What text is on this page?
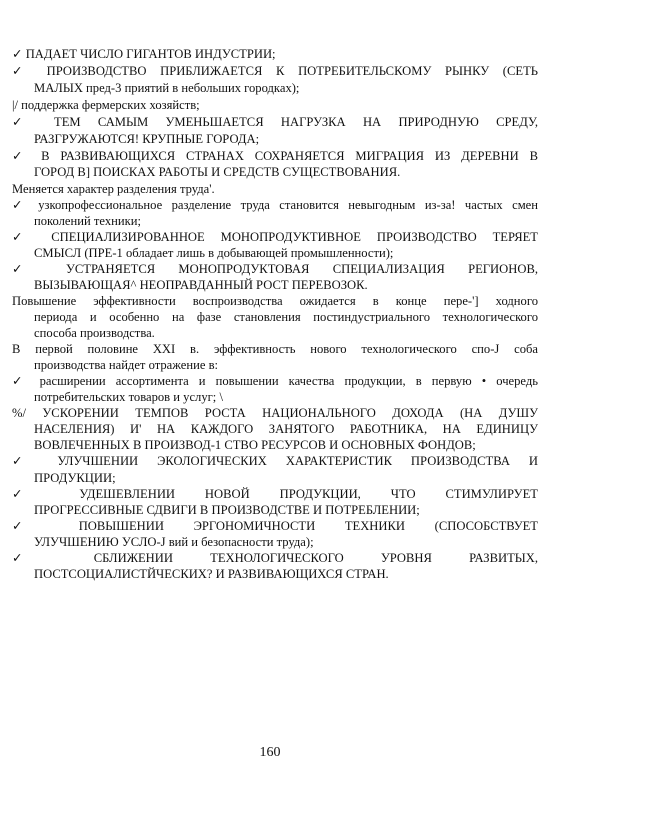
✓ ПАДАЕТ ЧИСЛО ГИГАНТОВ ИНДУСТРИИ;

✓ ПРОИЗВОДСТВО ПРИБЛИЖАЕТСЯ К ПОТРЕБИТЕЛЬСКОМУ РЫНКУ (СЕТЬ

МАЛЫХ пред-3 приятий в небольших городках);

|/ поддержка фермерских хозяйств;

✓ ТЕМ САМЫМ УМЕНЬШАЕТСЯ НАГРУЗКА НА ПРИРОДНУЮ СРЕДУ,

РАЗГРУЖАЮТСЯ! КРУПНЫЕ ГОРОДА;

✓ В РАЗВИВАЮЩИХСЯ СТРАНАХ СОХРАНЯЕТСЯ МИГРАЦИЯ ИЗ ДЕРЕВНИ В

ГОРОД В] ПОИСКАХ РАБОТЫ И СРЕДСТВ СУЩЕСТВОВАНИЯ.

Меняется характер разделения труда'.

✓ узкопрофессиональное разделение труда становится невыгодным из-за! частых смен

поколений техники;

✓ СПЕЦИАЛИЗИРОВАННОЕ МОНОПРОДУКТИВНОЕ ПРОИЗВОДСТВО ТЕРЯЕТ

СМЫСЛ (ПРЕ-1 обладает лишь в добывающей промышленности);

✓ УСТРАНЯЕТСЯ МОНОПРОДУКТОВАЯ СПЕЦИАЛИЗАЦИЯ РЕГИОНОВ,

ВЫЗЫВАЮЩАЯ^ НЕОПРАВДАННЫЙ РОСТ ПЕРЕВОЗОК.

Повышение эффективности воспроизводства ожидается в конце пере-'] ходного

периода и особенно на фазе становления постиндустриального технологического

способа производства.

В первой половине XXI в. эффективность нового технологического спо-J соба

производства найдет отражение в:

✓ расширении ассортимента и повышении качества продукции, в первую • очередь

потребительских товаров и услуг; \

%/ УСКОРЕНИИ ТЕМПОВ РОСТА НАЦИОНАЛЬНОГО ДОХОДА (НА ДУШУ

НАСЕЛЕНИЯ) И' НА КАЖДОГО ЗАНЯТОГО РАБОТНИКА, НА ЕДИНИЦУ

ВОВЛЕЧЕННЫХ В ПРОИЗВОД-1 СТВО РЕСУРСОВ И ОСНОВНЫХ ФОНДОВ;

✓ УЛУЧШЕНИИ ЭКОЛОГИЧЕСКИХ ХАРАКТЕРИСТИК ПРОИЗВОДСТВА И

ПРОДУКЦИИ;

✓ УДЕШЕВЛЕНИИ НОВОЙ ПРОДУКЦИИ, ЧТО СТИМУЛИРУЕТ

ПРОГРЕССИВНЫЕ СДВИГИ В ПРОИЗВОДСТВЕ И ПОТРЕБЛЕНИИ;

✓ ПОВЫШЕНИИ ЭРГОНОМИЧНОСТИ ТЕХНИКИ (СПОСОБСТВУЕТ

УЛУЧШЕНИЮ УСЛО-J вий и безопасности труда);

✓ СБЛИЖЕНИИ ТЕХНОЛОГИЧЕСКОГО УРОВНЯ РАЗВИТЫХ,

ПОСТСОЦИАЛИСТЙЧЕСКИХ? И РАЗВИВАЮЩИХСЯ СТРАН.

160
